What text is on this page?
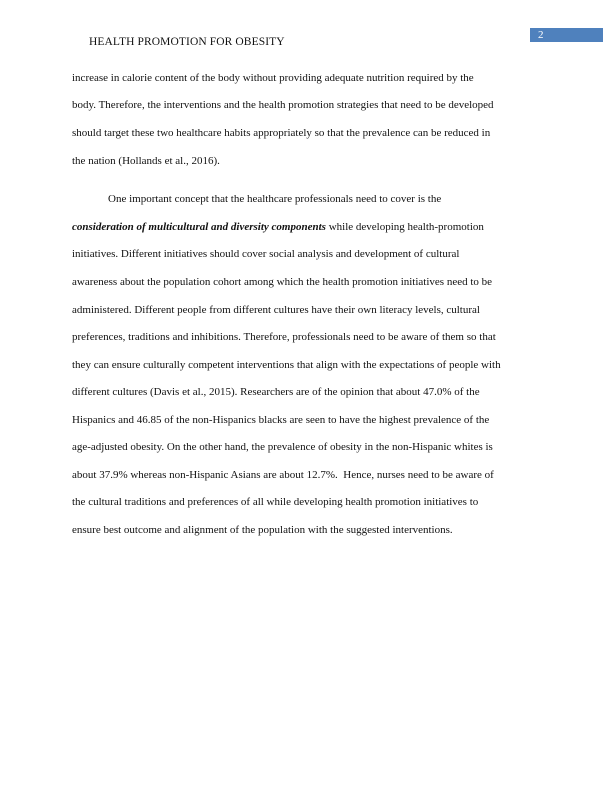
HEALTH PROMOTION FOR OBESITY
2
increase in calorie content of the body without providing adequate nutrition required by the
body. Therefore, the interventions and the health promotion strategies that need to be developed
should target these two healthcare habits appropriately so that the prevalence can be reduced in
the nation (Hollands et al., 2016).
One important concept that the healthcare professionals need to cover is the
consideration of multicultural and diversity components while developing health-promotion
initiatives. Different initiatives should cover social analysis and development of cultural
awareness about the population cohort among which the health promotion initiatives need to be
administered. Different people from different cultures have their own literacy levels, cultural
preferences, traditions and inhibitions. Therefore, professionals need to be aware of them so that
they can ensure culturally competent interventions that align with the expectations of people with
different cultures (Davis et al., 2015). Researchers are of the opinion that about 47.0% of the
Hispanics and 46.85 of the non-Hispanics blacks are seen to have the highest prevalence of the
age-adjusted obesity. On the other hand, the prevalence of obesity in the non-Hispanic whites is
about 37.9% whereas non-Hispanic Asians are about 12.7%.  Hence, nurses need to be aware of
the cultural traditions and preferences of all while developing health promotion initiatives to
ensure best outcome and alignment of the population with the suggested interventions.
